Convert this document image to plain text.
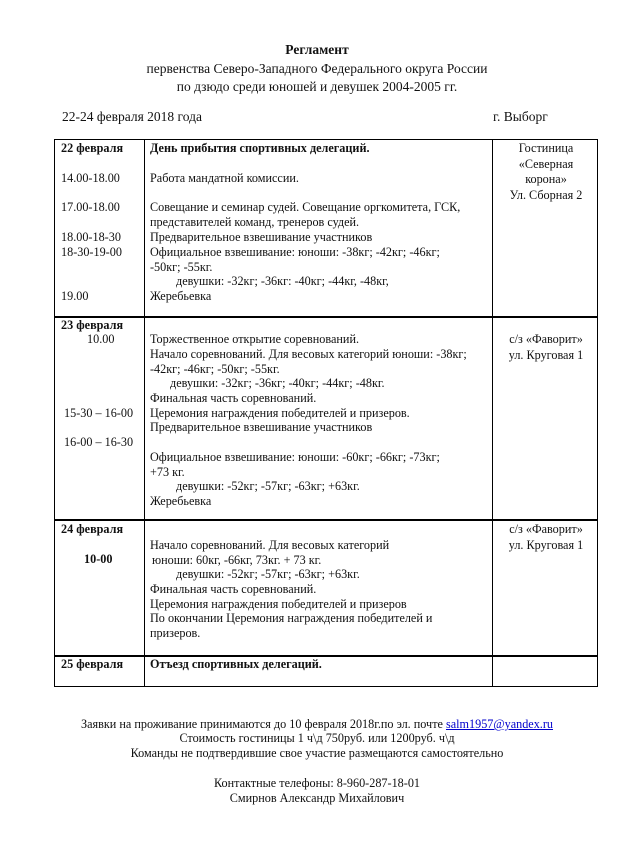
Регламент
первенства Северо-Западного Федерального округа России
по дзюдо среди юношей и девушек 2004-2005 гг.
22-24 февраля 2018 года	г. Выборг
22 февраля День прибытия спортивных делегаций.
14.00-18.00
17.00-18.00
18.00-18-30
18-30-19-00
19.00
Работа мандатной комиссии.
Совещание и семинар судей. Совещание оргкомитета, ГСК,
представителей команд, тренеров судей.
Предварительное взвешивание участников
Официальное взвешивание: юноши: -38кг; -42кг; -46кг;
-50кг; -55кг.
девушки: -32кг; -36кг: -40кг; -44кг, -48кг,
Жеребьевка
Гостиница
«Северная
корона»
Ул. Сборная 2
23 февраля
10.00
15-30 – 16-00
16-00 – 16-30
Торжественное открытие соревнований.
Начало соревнований. Для весовых категорий юноши: -38кг;
-42кг; -46кг; -50кг; -55кг.
девушки: -32кг; -36кг; -40кг; -44кг; -48кг.
Финальная часть соревнований.
Церемония награждения победителей и призеров.
Предварительное взвешивание участников
Официальное взвешивание: юноши: -60кг; -66кг; -73кг;
+73 кг.
девушки: -52кг; -57кг; -63кг; +63кг.
Жеребьевка
с/з «Фаворит»
ул. Круговая 1
24 февраля
10-00
Начало соревнований. Для весовых категорий
юноши: 60кг, -66кг, 73кг. + 73 кг.
девушки: -52кг; -57кг; -63кг; +63кг.
Финальная часть соревнований.
Церемония награждения победителей и призеров
По окончании Церемония награждения победителей и
призеров.
с/з «Фаворит»
ул. Круговая 1
25 февраля Отъезд спортивных делегаций.
Заявки на проживание принимаются до 10 февраля 2018г.по эл. почте salm1957@yandex.ru
Стоимость гостиницы 1 ч\д 750руб. или 1200руб. ч\д
Команды не подтвердившие свое участие размещаются самостоятельно
Контактные телефоны: 8-960-287-18-01
Смирнов Александр Михайлович
